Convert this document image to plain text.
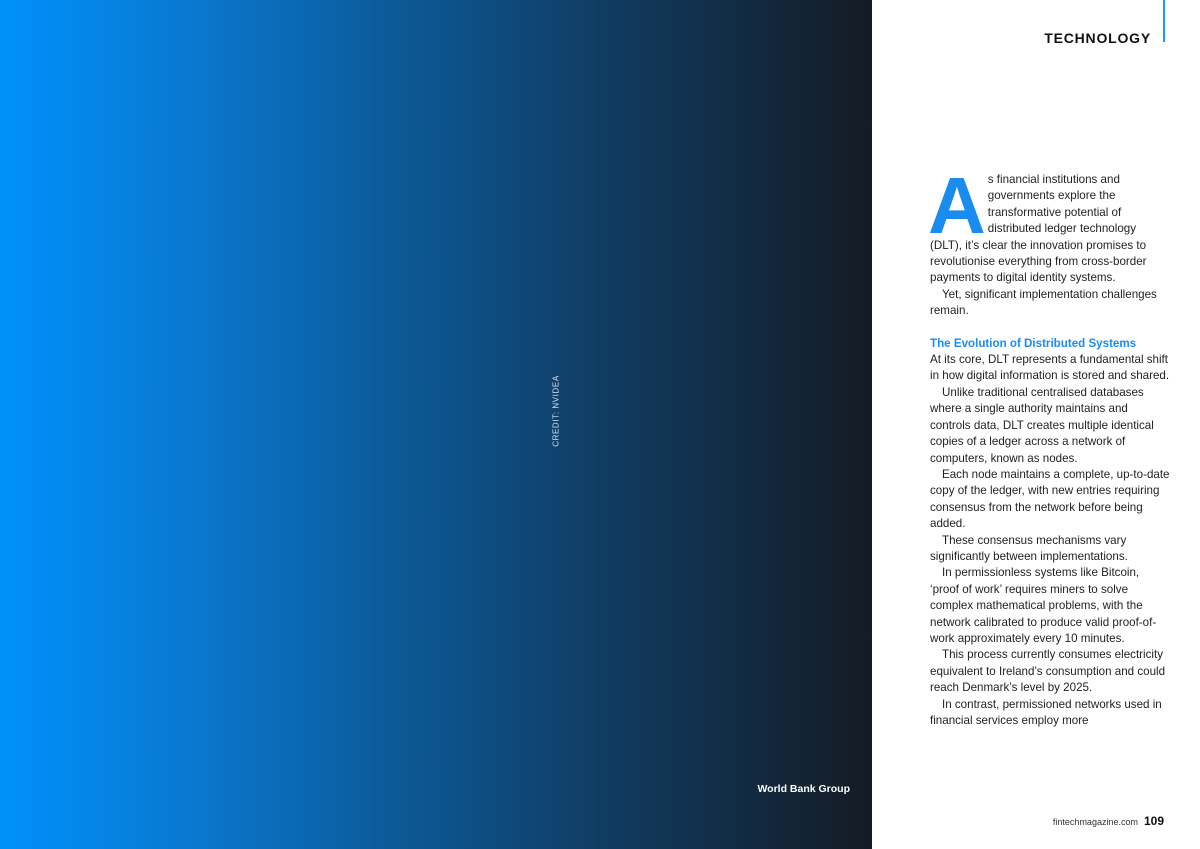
CREDIT: NVIDEA
World Bank Group
TECHNOLOGY

As financial institutions and governments explore the transformative potential of distributed ledger technology (DLT), it’s clear the innovation promises to revolutionise everything from cross-border payments to digital identity systems.

Yet, significant implementation challenges remain.

The Evolution of Distributed Systems

At its core, DLT represents a fundamental shift in how digital information is stored and shared.

Unlike traditional centralised databases where a single authority maintains and controls data, DLT creates multiple identical copies of a ledger across a network of computers, known as nodes.

Each node maintains a complete, up-to-date copy of the ledger, with new entries requiring consensus from the network before being added.

These consensus mechanisms vary significantly between implementations.

In permissionless systems like Bitcoin, ‘proof of work’ requires miners to solve complex mathematical problems, with the network calibrated to produce valid proof-of-work approximately every 10 minutes.

This process currently consumes electricity equivalent to Ireland’s consumption and could reach Denmark’s level by 2025.

In contrast, permissioned networks used in financial services employ more

fintechmagazine.com 109
